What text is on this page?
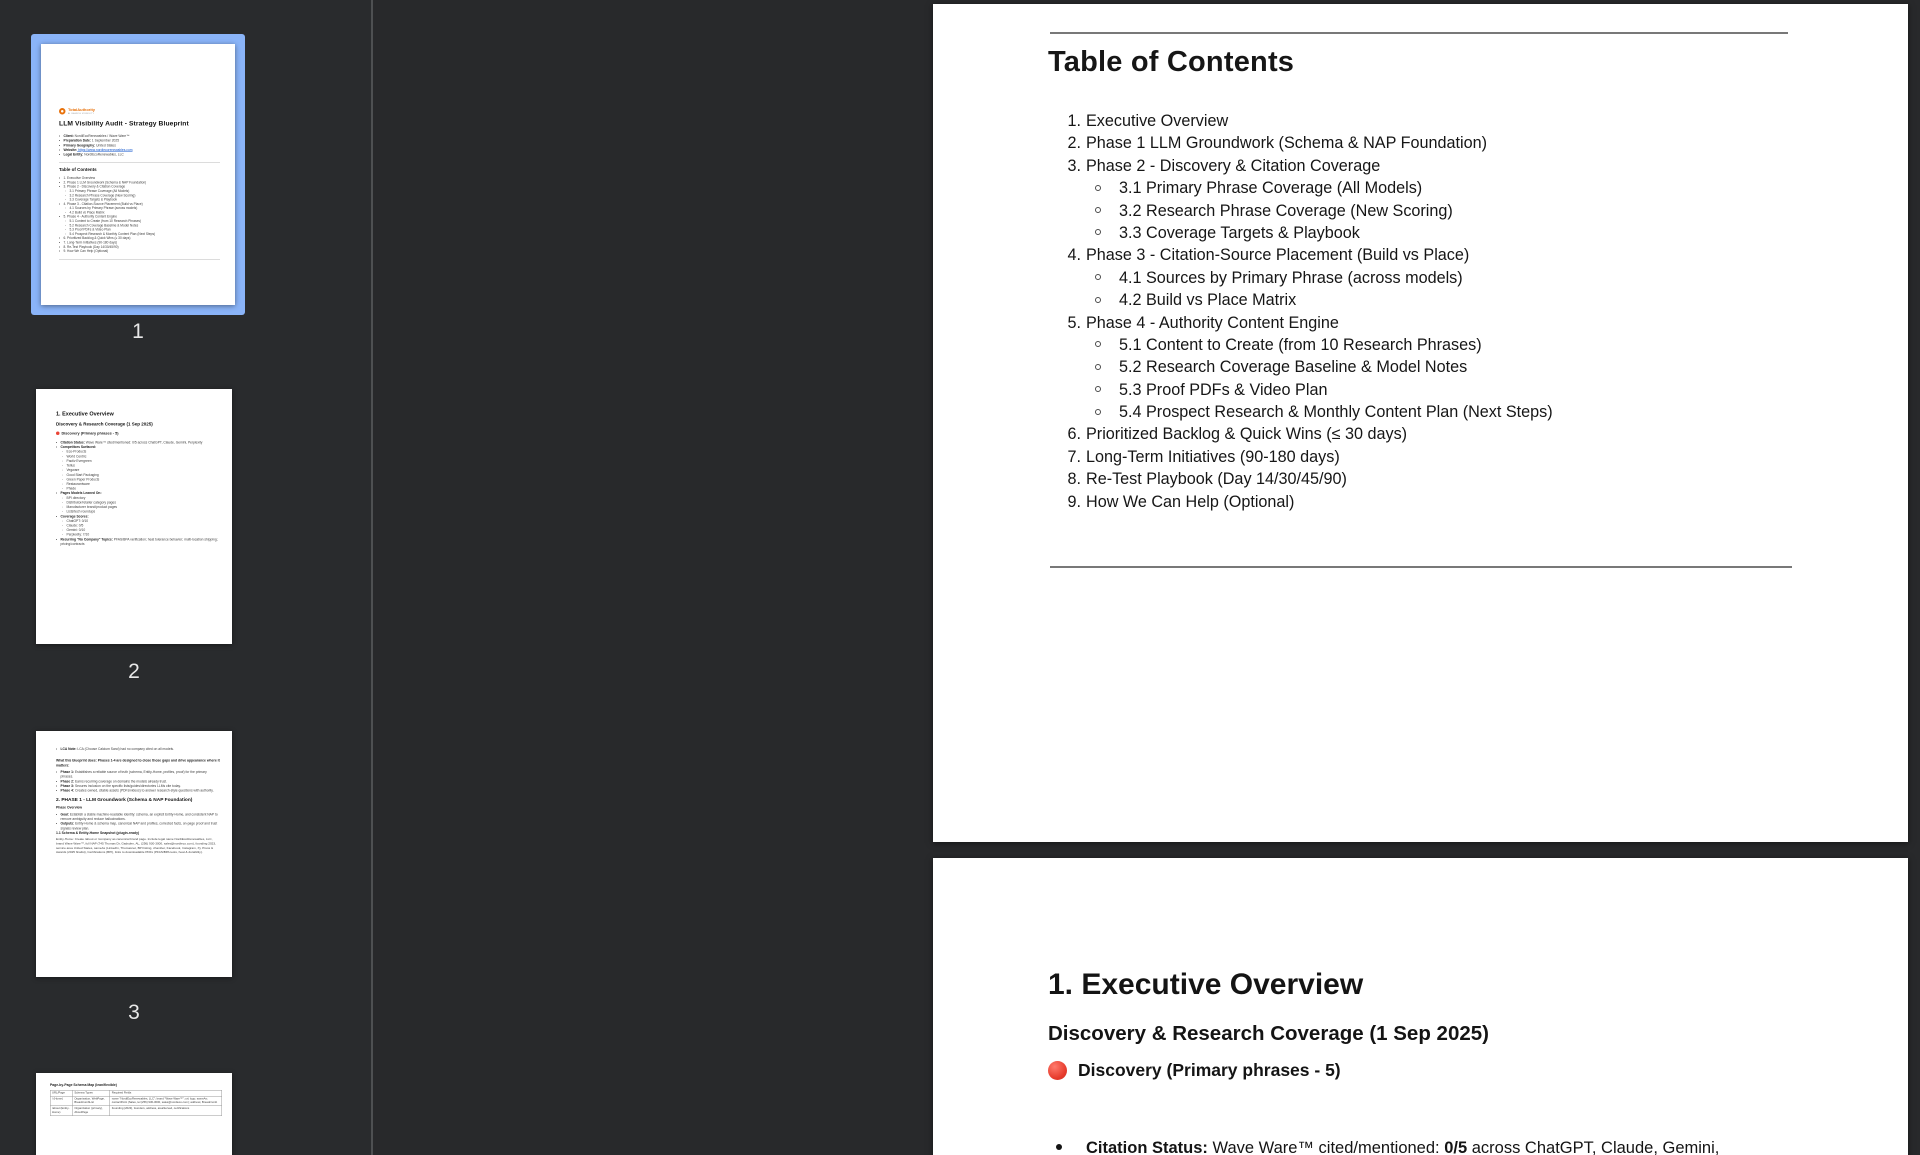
TotalAuthority
AI SEARCH VISIBILITY
LLM Visibility Audit - Strategy Blueprint
• Client: NordiEcoRenewables / Wave Ware™
• Preparation Date: 1 September 2025
• Primary Geography: United States
• Website: https://www.nordiecorenewables.com
• Legal Entity: NordiEcoRenewables, LLC
Table of Contents
• 1. Executive Overview
• 2. Phase 1 LLM Groundwork (Schema & NAP Foundation)
• 3. Phase 2 - Discovery & Citation Coverage
◦ 3.1 Primary Phrase Coverage (All Models)
◦ 3.2 Research Phrase Coverage (New Scoring)
◦ 3.3 Coverage Targets & Playbook
• 4. Phase 3 - Citation-Source Placement (Build vs Place)
◦ 4.1 Sources by Primary Phrase (across models)
◦ 4.2 Build vs Place Matrix
• 5. Phase 4 - Authority Content Engine
◦ 5.1 Content to Create (from 10 Research Phrases)
◦ 5.2 Research Coverage Baseline & Model Notes
◦ 5.3 Proof PDFs & Video Plan
◦ 5.4 Prospect Research & Monthly Content Plan (Next Steps)
• 6. Prioritized Backlog & Quick Wins (≤ 30 days)
• 7. Long-Term Initiatives (90-180 days)
• 8. Re-Test Playbook (Day 14/30/45/90)
• 9. How We Can Help (Optional)
1
1. Executive Overview
Discovery & Research Coverage (1 Sep 2025)
Discovery (Primary phrases - 5)
• Citation Status: Wave Ware™ cited/mentioned: 0/5 across ChatGPT, Claude, Gemini, Perplexity
• Competitors Surfaced:
◦ Eco-Products
◦ World Centric
◦ Pactiv Evergreen
◦ Tellus
◦ Vegware
◦ Good Start Packaging
◦ Green Paper Products
◦ Restaurantware
◦ Phade
• Pages Models Leaned On:
◦ BPI directory
◦ Distributor/retailer category pages
◦ Manufacturer brand/product pages
◦ Lists/tech roundups
• Coverage Scores:
◦ ChatGPT: 0/10
◦ Claude: 0/5
◦ Gemini: 0/10
◦ Perplexity: 7/10
• Recurring "No Company" Topics: PFAS/BPA verification; heat tolerance behavior; multi-location shipping; pricing/contracts
2
• LCA Note: LCA (Choose Calcium Sand) had no company cited on all models.
What this blueprint does: Phases 1-4 are designed to close those gaps and drive appearance where it matters:
• Phase 1: Establishes a reliable source of truth (schema, Entity-Home, profiles, proof) for the primary phrases.
• Phase 2: Earns recurring coverage on domains the models already trust.
• Phase 3: Secures inclusion on the specific lists/guides/directories LLMs cite today.
• Phase 4: Creates owned, citable assets (PDFs/videos) to answer research-style questions with authority.
2. PHASE 1 - LLM Groundwork (Schema & NAP Foundation)
Phase Overview
• Goal: Establish a stable machine-readable identity: schema, an explicit Entity-Home, and consistent NAP to remove ambiguity and reduce hallucinations.
• Outputs: Entity-Home & schema map, canonical NAP and profiles, corrected facts, on-page proof and trust signals review plan.
1.1 Schema & Entity-Home Snapshot (plugin-ready)
Entity-Home: Create /about or /company as canonical brand page. Include legal name NordiEcoRenewables, LLC, brand Wave Ware™, full NAP (745 Thomas Dr, Gadsden, AL, (256) 930-3000, sales@nordieco.com), founding 2023, service area United States, sameAs (LinkedIn, Thomasnet, BPI listing, chamber, Facebook, Instagram, X), Press & Awards (2025 finalist), Certifications (BPI), links to downloadable PDFs (PFAS/BPA tests, heat & durability).
3
Page-by-Page Schema Map (lean/flexible)
URL/Page	Schema Types	Required Fields
/ (Home)	Organization, WebPage, BreadcrumbList	name "NordiEcoRenewables, LLC"; brand "Wave Ware™"; url; logo; sameAs; contactPoint (Sales, tel (256) 930-3000, sales@nordieco.com); address; Breadcrumb
/about (Entity-Home)	Organization (primary), AboutPage	Founding (2023), founders, address, areaServed, certifications
Table of Contents
1. Executive Overview
2. Phase 1 LLM Groundwork (Schema & NAP Foundation)
3. Phase 2 - Discovery & Citation Coverage
3.1 Primary Phrase Coverage (All Models)
3.2 Research Phrase Coverage (New Scoring)
3.3 Coverage Targets & Playbook
4. Phase 3 - Citation-Source Placement (Build vs Place)
4.1 Sources by Primary Phrase (across models)
4.2 Build vs Place Matrix
5. Phase 4 - Authority Content Engine
5.1 Content to Create (from 10 Research Phrases)
5.2 Research Coverage Baseline & Model Notes
5.3 Proof PDFs & Video Plan
5.4 Prospect Research & Monthly Content Plan (Next Steps)
6. Prioritized Backlog & Quick Wins (≤ 30 days)
7. Long-Term Initiatives (90-180 days)
8. Re-Test Playbook (Day 14/30/45/90)
9. How We Can Help (Optional)
1. Executive Overview
Discovery & Research Coverage (1 Sep 2025)
Discovery (Primary phrases - 5)

Citation Status: Wave Ware™ cited/mentioned: 0/5 across ChatGPT, Claude, Gemini,
